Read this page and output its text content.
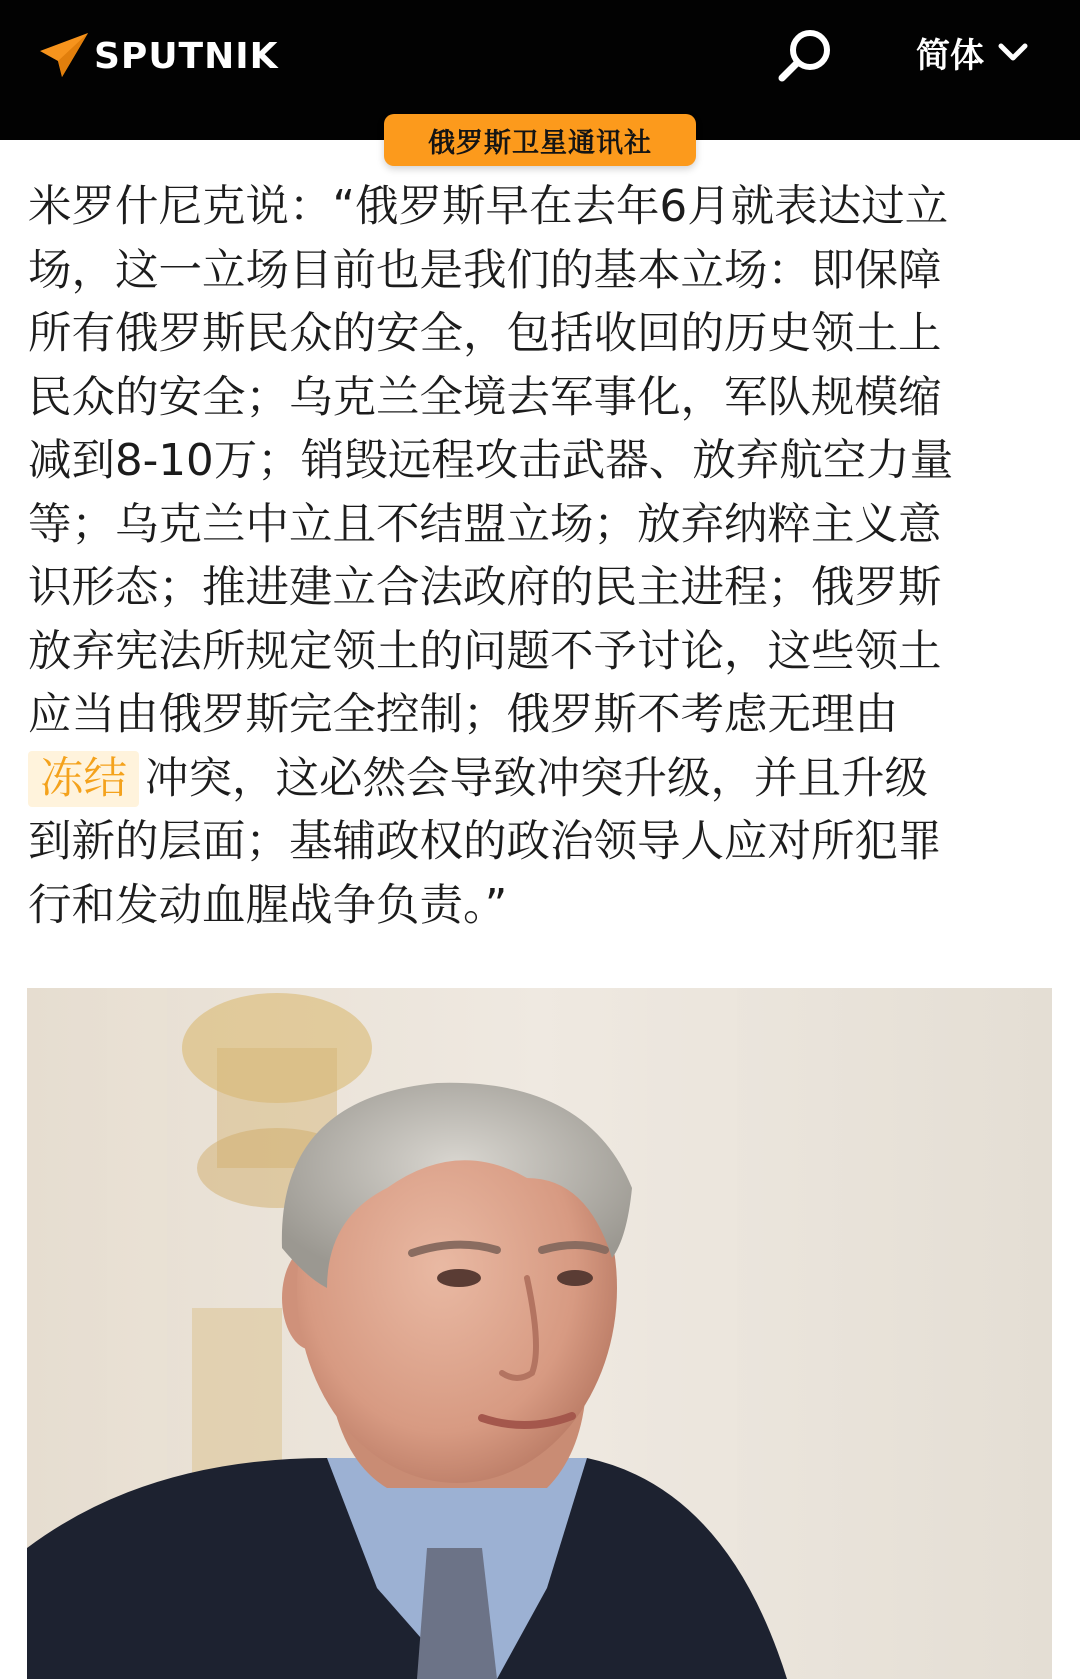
SPUTNIK	简体
俄罗斯卫星通讯社
米罗什尼克说：“俄罗斯早在去年6月就表达过立
场，这一立场目前也是我们的基本立场：即保障
所有俄罗斯民众的安全，包括收回的历史领土上
民众的安全；乌克兰全境去军事化，军队规模缩
减到8-10万；销毁远程攻击武器、放弃航空力量
等；乌克兰中立且不结盟立场；放弃纳粹主义意
识形态；推进建立合法政府的民主进程；俄罗斯
放弃宪法所规定领土的问题不予讨论，这些领土
应当由俄罗斯完全控制；俄罗斯不考虑无理由
冻结 冲突，这必然会导致冲突升级，并且升级
到新的层面；基辅政权的政治领导人应对所犯罪
行和发动血腥战争负责。”
